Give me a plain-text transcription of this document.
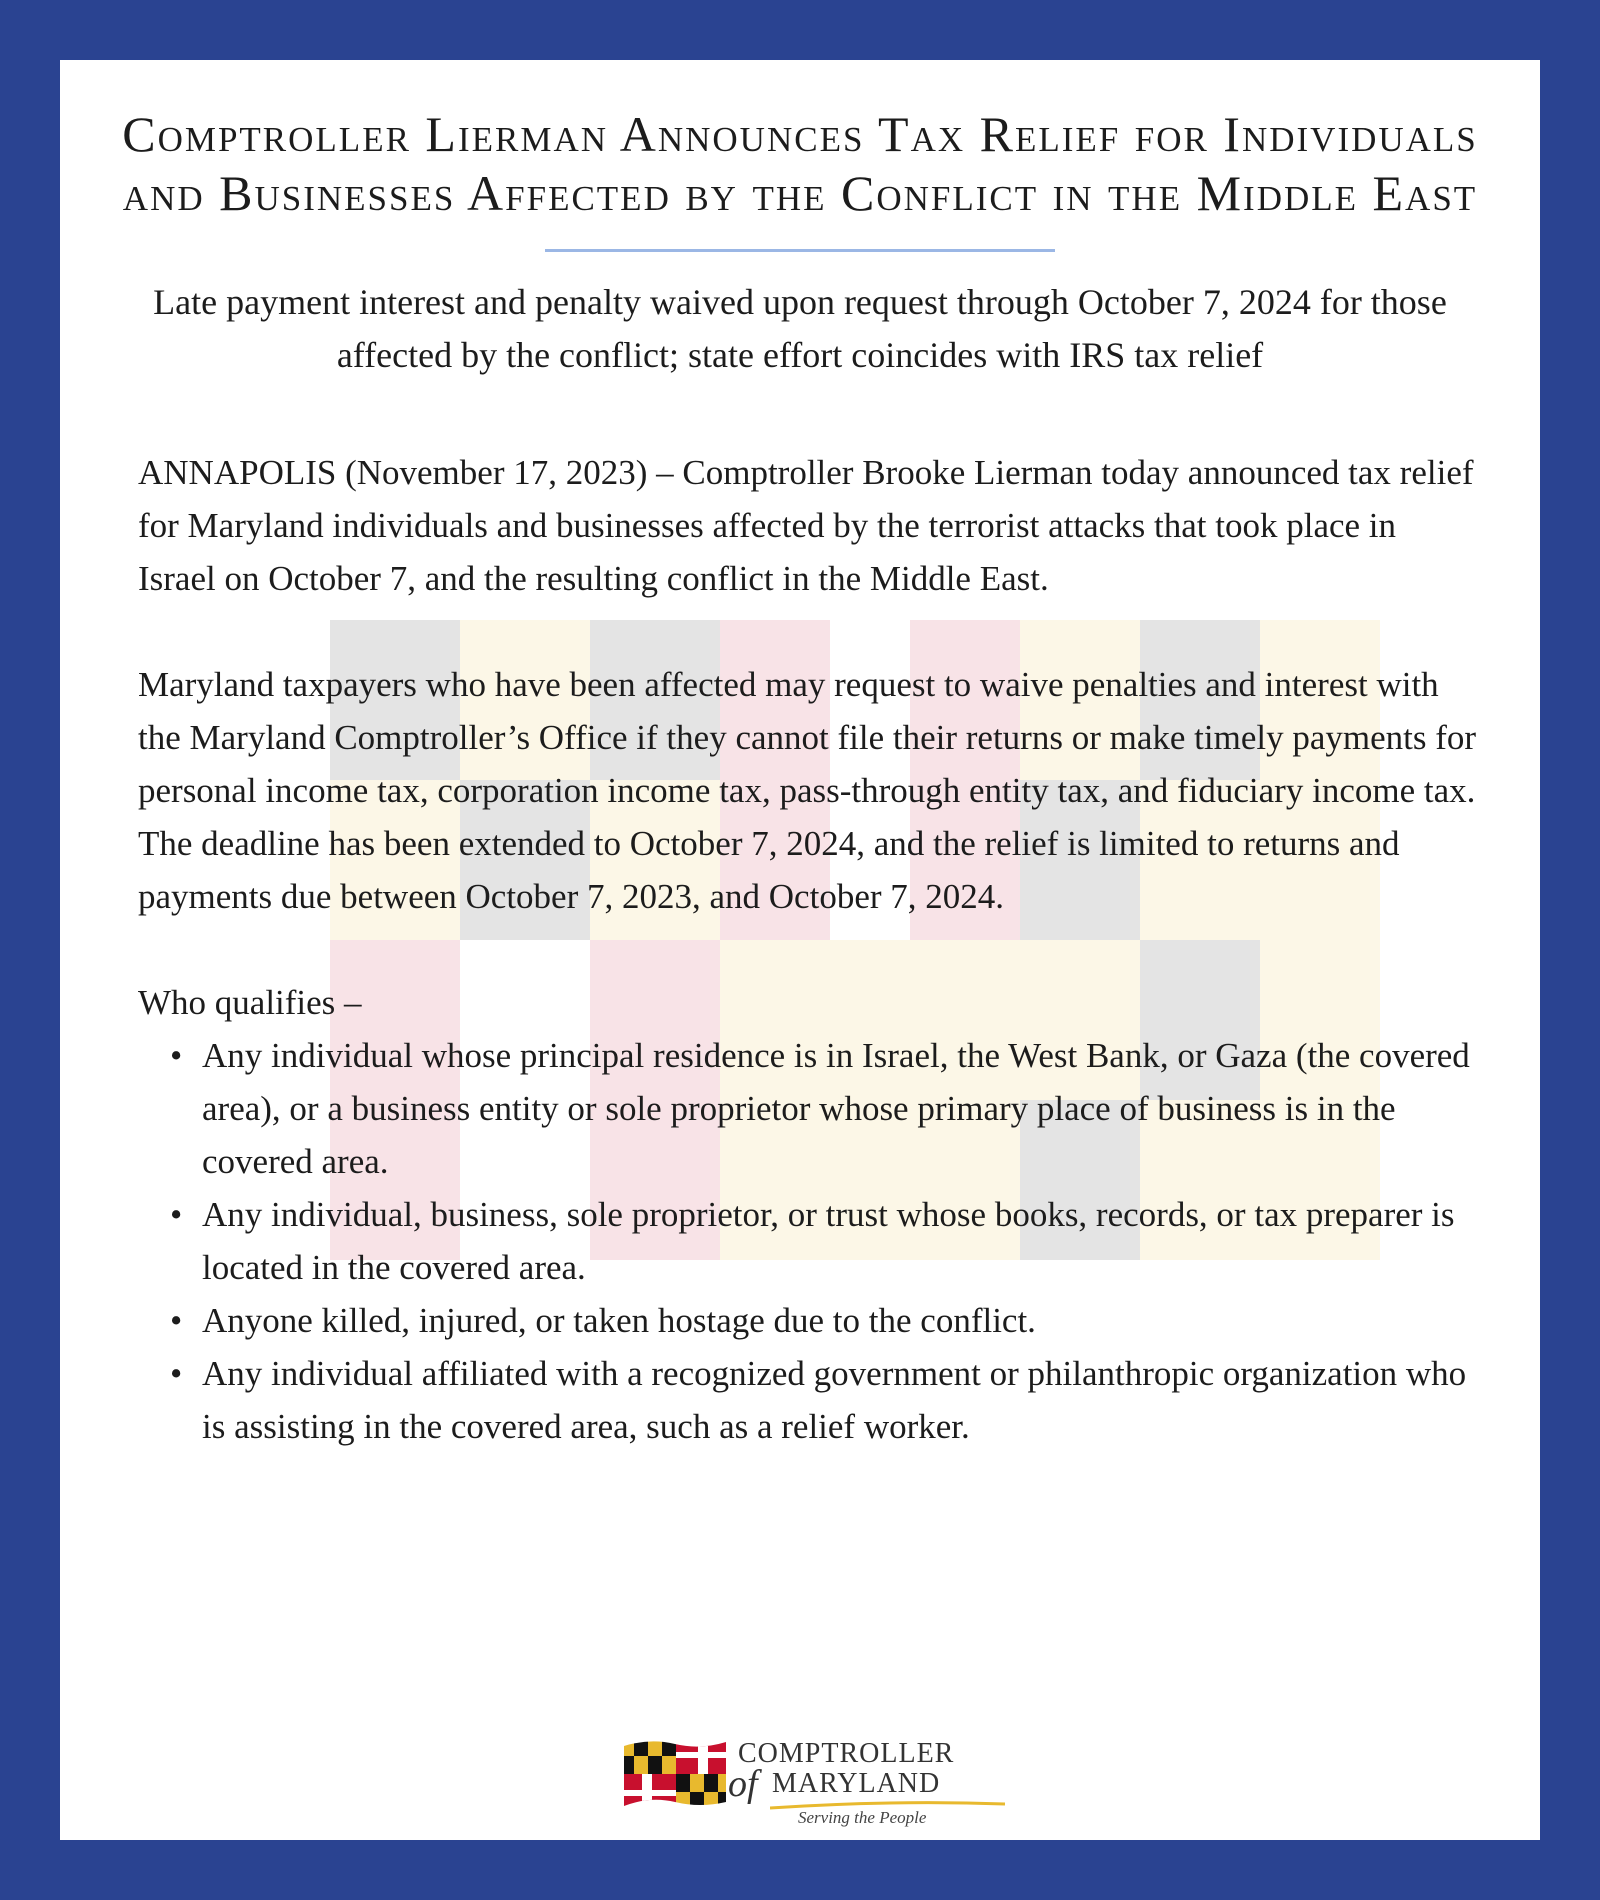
Comptroller Lierman Announces Tax Relief for Individuals and Businesses Affected by the Conflict in the Middle East

Late payment interest and penalty waived upon request through October 7, 2024 for those affected by the conflict; state effort coincides with IRS tax relief

ANNAPOLIS (November 17, 2023) – Comptroller Brooke Lierman today announced tax relief for Maryland individuals and businesses affected by the terrorist attacks that took place in Israel on October 7, and the resulting conflict in the Middle East.

Maryland taxpayers who have been affected may request to waive penalties and interest with the Maryland Comptroller’s Office if they cannot file their returns or make timely payments for personal income tax, corporation income tax, pass-through entity tax, and fiduciary income tax. The deadline has been extended to October 7, 2024, and the relief is limited to returns and payments due between October 7, 2023, and October 7, 2024.

Who qualifies –

• Any individual whose principal residence is in Israel, the West Bank, or Gaza (the covered area), or a business entity or sole proprietor whose primary place of business is in the covered area.
• Any individual, business, sole proprietor, or trust whose books, records, or tax preparer is located in the covered area.
• Anyone killed, injured, or taken hostage due to the conflict.
• Any individual affiliated with a recognized government or philanthropic organization who is assisting in the covered area, such as a relief worker.
COMPTROLLER
of MARYLAND
Serving the People
